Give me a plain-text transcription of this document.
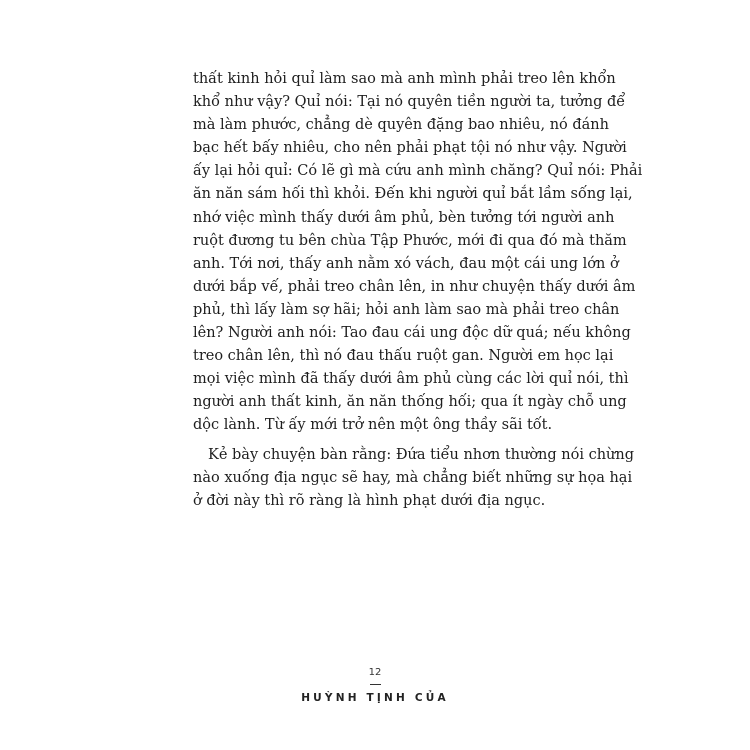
thất kinh hỏi quỉ làm sao mà anh mình phải treo lên khổn
khổ như vậy? Quỉ nói: Tại nó quyên tiền người ta, tưởng để
mà làm phước, chẳng dè quyên đặng bao nhiêu, nó đánh
bạc hết bấy nhiêu, cho nên phải phạt tội nó như vậy. Người
ấy lại hỏi quỉ: Có lẽ gì mà cứu anh mình chăng? Quỉ nói: Phải
ăn năn sám hối thì khỏi. Đến khi người quỉ bắt lầm sống lại,
nhớ việc mình thấy dưới âm phủ, bèn tưởng tới người anh
ruột đương tu bên chùa Tập Phước, mới đi qua đó mà thăm
anh. Tới nơi, thấy anh nằm xó vách, đau một cái ung lớn ở
dưới bắp vế, phải treo chân lên, in như chuyện thấy dưới âm
phủ, thì lấy làm sợ hãi; hỏi anh làm sao mà phải treo chân
lên? Người anh nói: Tao đau cái ung độc dữ quá; nếu không
treo chân lên, thì nó đau thấu ruột gan. Người em học lại
mọi việc mình đã thấy dưới âm phủ cùng các lời quỉ nói, thì
người anh thất kinh, ăn năn thống hối; qua ít ngày chỗ ung
dộc lành. Từ ấy mới trở nên một ông thầy sãi tốt.
Kẻ bày chuyện bàn rằng: Đứa tiểu nhơn thường nói chừng
nào xuống địa ngục sẽ hay, mà chẳng biết những sự họa hại
ở đời này thì rõ ràng là hình phạt dưới địa ngục.
12
HUỲNH TỊNH CỦA
